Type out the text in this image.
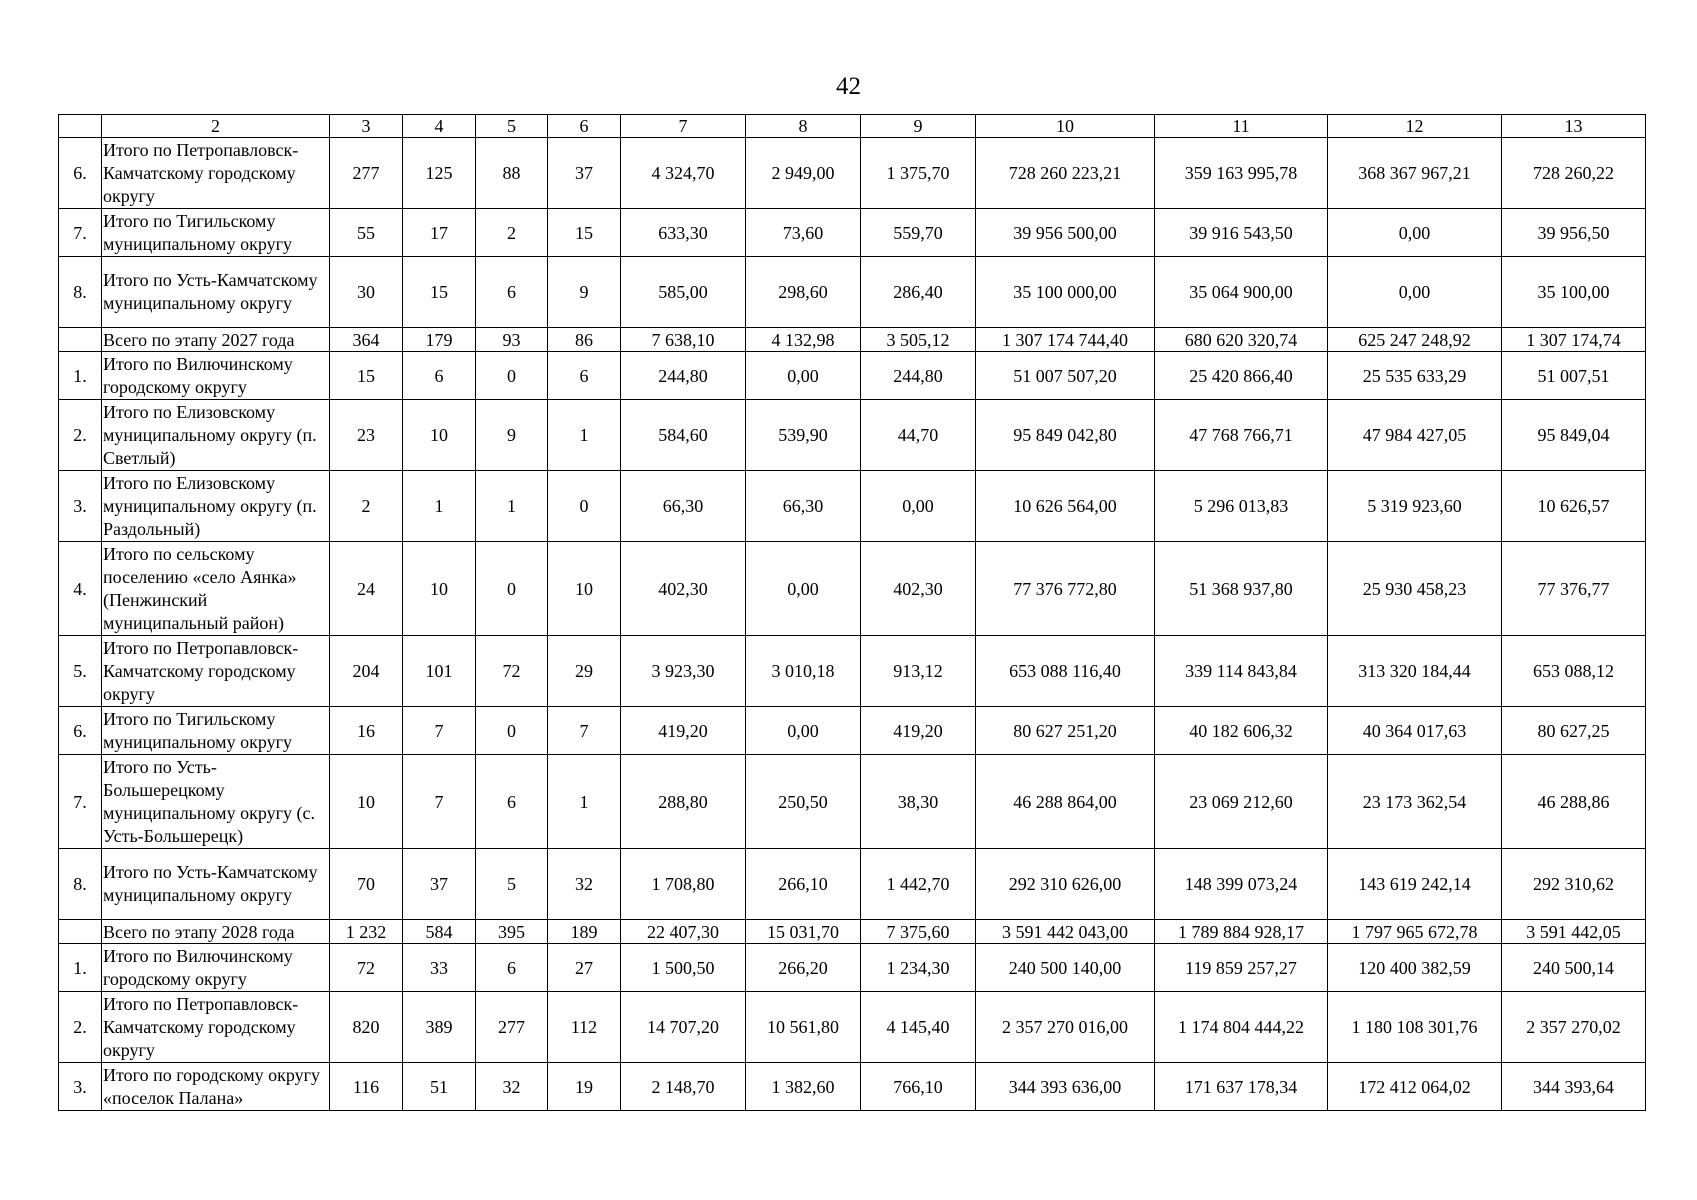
42
	2	3	4	5	6	7	8	9	10	11	12	13
6.	Итого по Петропавловск-Камчатскому городскому округу	277	125	88	37	4 324,70	2 949,00	1 375,70	728 260 223,21	359 163 995,78	368 367 967,21	728 260,22
7.	Итого по Тигильскому муниципальному округу	55	17	2	15	633,30	73,60	559,70	39 956 500,00	39 916 543,50	0,00	39 956,50
8.	Итого по Усть-Камчатскому муниципальному округу	30	15	6	9	585,00	298,60	286,40	35 100 000,00	35 064 900,00	0,00	35 100,00
	Всего по этапу 2027 года	364	179	93	86	7 638,10	4 132,98	3 505,12	1 307 174 744,40	680 620 320,74	625 247 248,92	1 307 174,74
1.	Итого по Вилючинскому городскому округу	15	6	0	6	244,80	0,00	244,80	51 007 507,20	25 420 866,40	25 535 633,29	51 007,51
2.	Итого по Елизовскому муниципальному округу (п. Светлый)	23	10	9	1	584,60	539,90	44,70	95 849 042,80	47 768 766,71	47 984 427,05	95 849,04
3.	Итого по Елизовскому муниципальному округу (п. Раздольный)	2	1	1	0	66,30	66,30	0,00	10 626 564,00	5 296 013,83	5 319 923,60	10 626,57
4.	Итого по сельскому поселению «село Аянка» (Пенжинский муниципальный район)	24	10	0	10	402,30	0,00	402,30	77 376 772,80	51 368 937,80	25 930 458,23	77 376,77
5.	Итого по Петропавловск-Камчатскому городскому округу	204	101	72	29	3 923,30	3 010,18	913,12	653 088 116,40	339 114 843,84	313 320 184,44	653 088,12
6.	Итого по Тигильскому муниципальному округу	16	7	0	7	419,20	0,00	419,20	80 627 251,20	40 182 606,32	40 364 017,63	80 627,25
7.	Итого по Усть-Большерецкому муниципальному округу (с. Усть-Большерецк)	10	7	6	1	288,80	250,50	38,30	46 288 864,00	23 069 212,60	23 173 362,54	46 288,86
8.	Итого по Усть-Камчатскому муниципальному округу	70	37	5	32	1 708,80	266,10	1 442,70	292 310 626,00	148 399 073,24	143 619 242,14	292 310,62
	Всего по этапу 2028 года	1 232	584	395	189	22 407,30	15 031,70	7 375,60	3 591 442 043,00	1 789 884 928,17	1 797 965 672,78	3 591 442,05
1.	Итого по Вилючинскому городскому округу	72	33	6	27	1 500,50	266,20	1 234,30	240 500 140,00	119 859 257,27	120 400 382,59	240 500,14
2.	Итого по Петропавловск-Камчатскому городскому округу	820	389	277	112	14 707,20	10 561,80	4 145,40	2 357 270 016,00	1 174 804 444,22	1 180 108 301,76	2 357 270,02
3.	Итого по городскому округу «поселок Палана»	116	51	32	19	2 148,70	1 382,60	766,10	344 393 636,00	171 637 178,34	172 412 064,02	344 393,64
